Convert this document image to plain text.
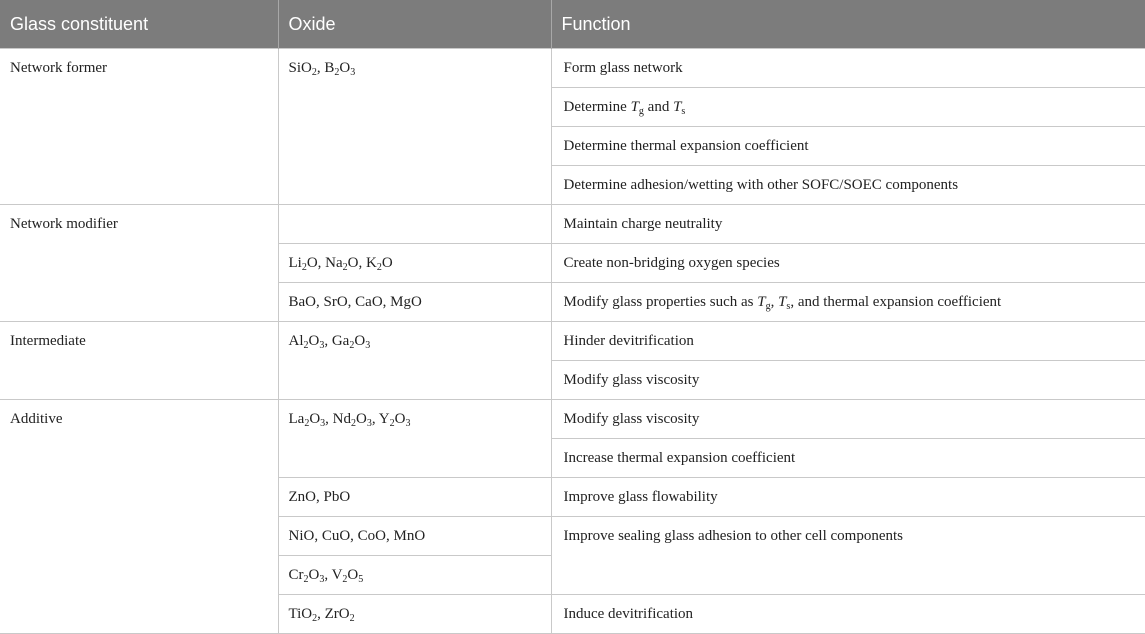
Glass constituent	Oxide	Function
Network former	SiO$_2$, $B_2O_3$	Form glass network
		Determine $T_g$ and $T_s$
		Determine thermal expansion coefficient
		Determine adhesion/wetting with other SOFC/SOEC components
Network modifier		Maintain charge neutrality
	$Li_2O$, $Na_2O$, $K_2O$	Create non-bridging oxygen species
	BaO, SrO, CaO, MgO	Modify glass properties such as $T_g$, $T_s$, and thermal expansion coefficient
Intermediate	$Al_2O_3$, $Ga_2O_3$	Hinder devitrification
		Modify glass viscosity
Additive	$La_2O_3$, $Nd_2O_3$, $Y_2O_3$	Modify glass viscosity
		Increase thermal expansion coefficient
	ZnO, PbO	Improve glass flowability
	NiO, CuO, CoO, MnO	Improve sealing glass adhesion to other cell components
	$Cr_2O_3$, $V_2O_5$
	TiO$_2$, ZrO$_2$	Induce devitrification
